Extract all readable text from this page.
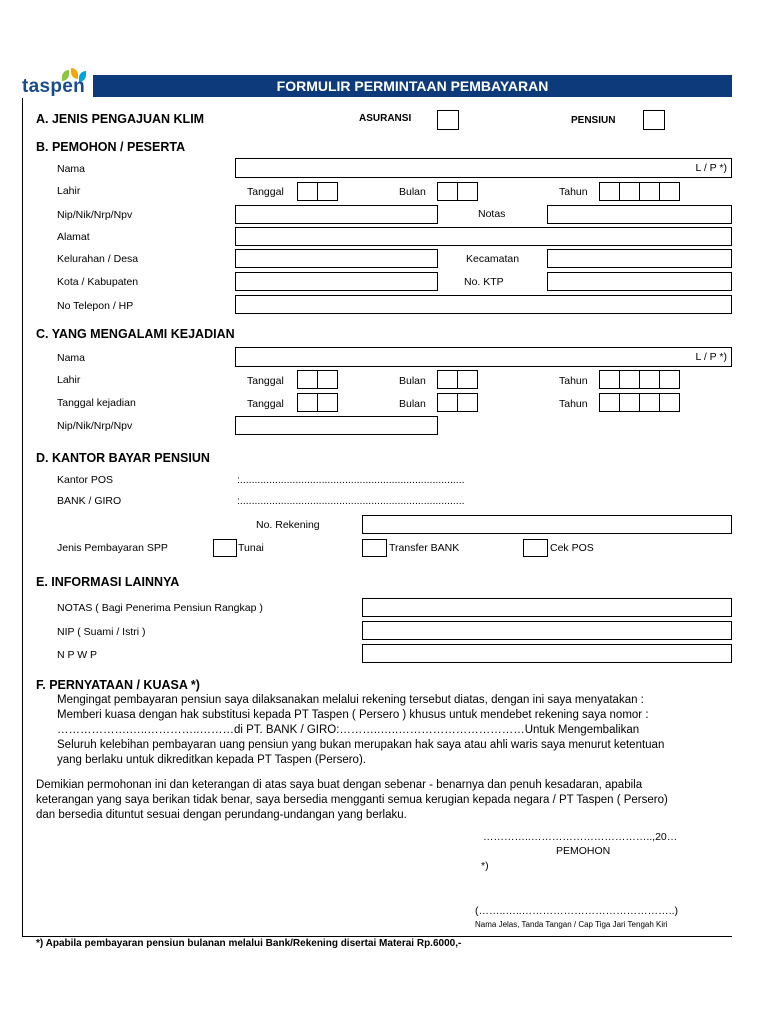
taspen	FORMULIR PERMINTAAN PEMBAYARAN
A. JENIS PENGAJUAN KLIM	ASURANSI	PENSIUN
B. PEMOHON / PESERTA
Nama	L / P *)
Lahir	Tanggal	Bulan	Tahun
Nip/Nik/Nrp/Npv	Notas
Alamat
Kelurahan / Desa	Kecamatan
Kota / Kabupaten	No. KTP
No Telepon / HP
C. YANG MENGALAMI KEJADIAN
Nama	L / P *)
Lahir	Tanggal	Bulan	Tahun
Tanggal kejadian	Tanggal	Bulan	Tahun
Nip/Nik/Nrp/Npv
D. KANTOR BAYAR PENSIUN
Kantor POS	:.............................................................................
BANK / GIRO	:.............................................................................
No. Rekening
Jenis Pembayaran SPP	Tunai	Transfer BANK	Cek POS
E. INFORMASI LAINNYA
NOTAS ( Bagi Penerima Pensiun Rangkap )
NIP ( Suami / Istri )
N P W P
F. PERNYATAAN / KUASA *)
Mengingat pembayaran pensiun saya dilaksanakan melalui rekening tersebut diatas, dengan ini saya menyatakan :
Memberi kuasa dengan hak substitusi kepada PT Taspen ( Persero ) khusus untuk mendebet rekening saya nomor :
……………….…..…………..………di PT. BANK / GIRO:………..…..……………………………Untuk Mengembalikan
Seluruh kelebihan pembayaran uang pensiun yang bukan merupakan hak saya atau ahli waris saya menurut ketentuan
yang berlaku untuk dikreditkan kepada PT Taspen (Persero).
Demikian permohonan ini dan keterangan di atas saya buat dengan sebenar - benarnya dan penuh kesadaran, apabila
keterangan yang saya berikan tidak benar, saya bersedia mengganti semua kerugian kepada negara / PT Taspen ( Persero)
dan bersedia dituntut sesuai dengan perundang-undangan yang berlaku.
…………..……………………………..,20…
PEMOHON
*)
(……..…..……………………………………..)
Nama Jelas, Tanda Tangan / Cap Tiga Jari Tengah Kiri
*) Apabila pembayaran pensiun bulanan melalui Bank/Rekening disertai Materai Rp.6000,-
